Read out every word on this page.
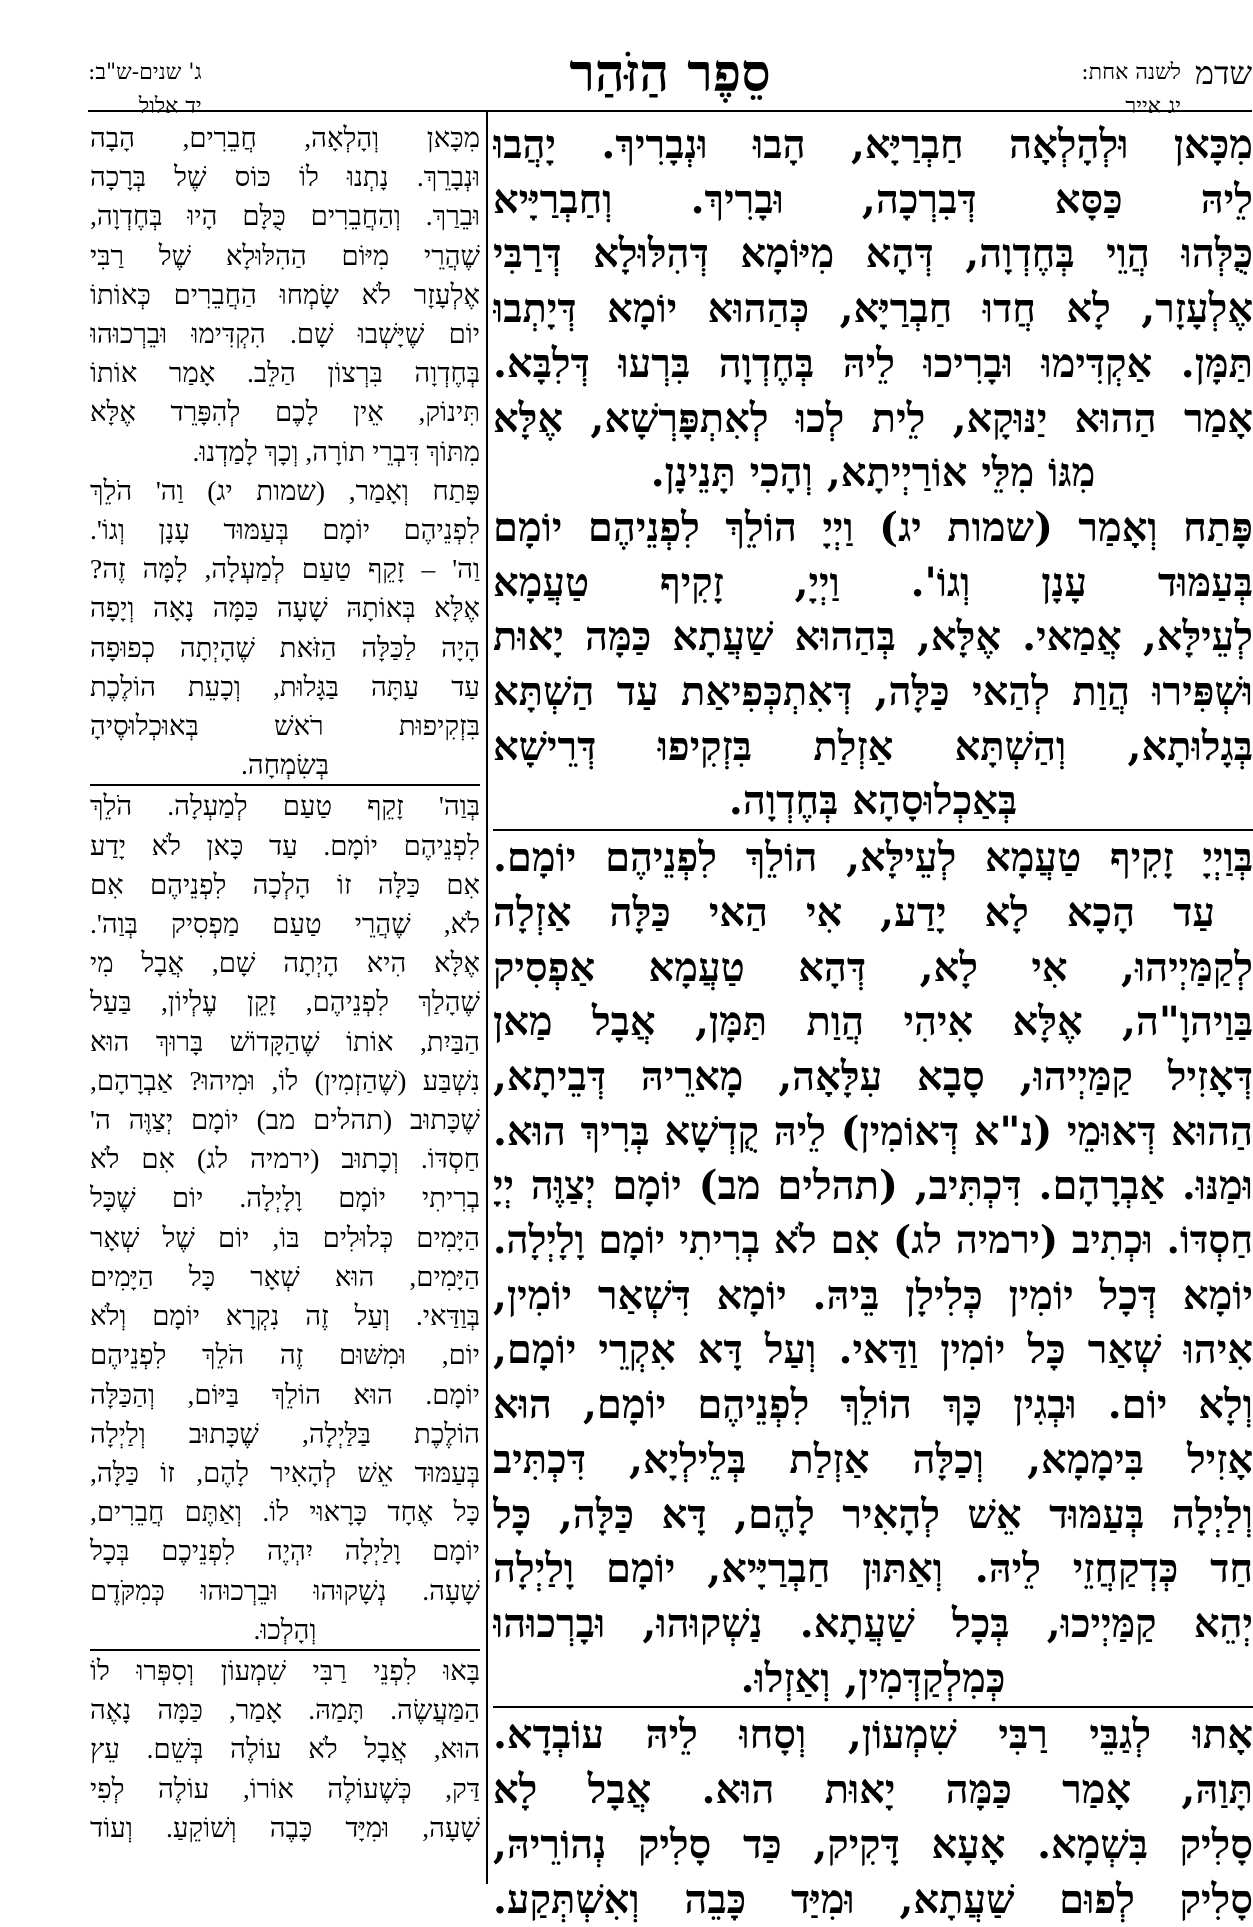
שדמ
לשנה אחת:
יג אייר
סֵפֶר הַזֹּהַר
ג' שנים-ש"ב:
יד אלול
מִכָּאן וּלְהָלְאָה חַבְרַיָּא, הָבוּ וּנְבָרִיךְ. יָהֲבוּ
לֵיהּ כַּסָּא דְּבִרְכָה, וּבָרִיךְ. וְחַבְרַיָּיא
כֻּלְּהוּ הֲוֵי בְּחֶדְוָה, דְּהָא מִיּוֹמָא דְּהִלּוּלָא דְּרַבִּי
אֶלְעָזָר, לָא חֲדוּ חַבְרַיָּא, כְּהַהוּא יוֹמָא דְּיָתְבוּ
תַּמָּן. אַקְדִּימוּ וּבָרִיכוּ לֵיהּ בְּחֶדְוָה בִּרְעוּ דְּלִבָּא.
אָמַר הַהוּא יַנּוּקָא, לֵית לְכוּ לְאִתְפָּרְשָׁא, אֶלָּא
מִגּוֹ מִלֵּי אוֹרַיְיתָא, וְהָכִי תָּנֵינָן.
פָּתַח וְאָמַר (שמות יג) וַיְיָ הוֹלֵךְ לִפְנֵיהֶם יוֹמָם
בְּעַמּוּד עָנָן וְגוֹ'. וַיְיָ, זָקִיף טַעֲמָא
לְעֵילָּא, אֲמַאי. אֶלָּא, בְּהַהוּא שַׁעֲתָא כַּמָּה יָאוּת
וּשְׁפִּירוּ הֲוַת לְהַאי כַּלָּה, דְּאִתְכְּפִיאַת עַד הַשְׁתָּא
בְּגָלוּתָא, וְהַשְׁתָּא אַזְלַת בִּזְקִיפוּ דְּרֵישָׁא
בְּאַכְלוּסָהָא בְּחֶדְוָה.
בְּוַיְיָ זָקִיף טַעֲמָא לְעֵילָּא, הוֹלֵךְ לִפְנֵיהֶם יוֹמָם.
עַד הָכָא לָא יָדַע, אִי הַאי כַּלָּה אַזְלָה
לְקַמַּיְיהוּ, אִי לָא, דְּהָא טַעֲמָא אַפְסִיק
בַּוַיהוָ"ה, אֶלָּא אִיהִי הֲוַת תַּמָּן, אֲבָל מַאן
דְּאָזִיל קַמַּיְיהוּ, סָבָא עִלָּאָה, מָארֵיהּ דְּבֵיתָא,
הַהוּא דְּאוּמֵי (נ"א דְּאוֹמִין) לֵיהּ קֻדְשָׁא בְּרִיךְ הוּא.
וּמַנּוּ. אַבְרָהָם. דִּכְתִּיב, (תהלים מב) יוֹמָם יְצַוֶּה יְיָ
חַסְדּוֹ. וּכְתִיב (ירמיה לג) אִם לֹא בְרִיתִי יוֹמָם וָלָיְלָה.
יוֹמָא דְּכָל יוֹמִין כְּלִילָן בֵּיהּ. יוֹמָא דִּשְׁאַר יוֹמִין,
אִיהוּ שְׁאַר כָּל יוֹמִין וַדַּאי. וְעַל דָּא אִקְרֵי יוֹמָם,
וְלָא יוֹם. וּבְגִין כָּךְ הוֹלֵךְ לִפְנֵיהֶם יוֹמָם, הוּא
אָזִיל בִּימָמָא, וְכַלָּה אַזְלַת בְּלֵילְיָא, דִּכְתִּיב
וְלַיְלָה בְּעַמּוּד אֵשׁ לְהָאִיר לָהֶם, דָּא כַּלָּה, כָּל
חַד כְּדְקַחֲזֵי לֵיהּ. וְאַתּוּן חַבְרַיָּיא, יוֹמָם וָלַיְלָה
יְהֵא קַמַּיְיכוּ, בְּכָל שַׁעֲתָא. נַשְׁקוּהוּ, וּבָרְכוּהוּ
כְּמִלְקַדְּמִין, וְאַזְלוּ.
אָתוּ לְגַבֵּי רַבִּי שִׁמְעוֹן, וְסָחוּ לֵיהּ עוֹבְדָא.
תָּוַהּ, אָמַר כַּמָּה יָאוּת הוּא. אֲבָל לָא
סָלִיק בִּשְׁמָא. אָעָא דָּקִיק, כַּד סָלִיק נְהוֹרֵיהּ,
סָלִיק לְפוּם שַׁעֲתָא, וּמִיַּד כָּבֵה וְאִשְׁתְּקַע.
מִכָּאן וְהָלְאָה, חֲבֵרִים, הָבָה
וּנְבָרֵךְ. נָתְנוּ לוֹ כּוֹס שֶׁל בְּרָכָה
וּבֵרַךְ. וְהַחֲבֵרִים כֻּלָּם הָיוּ בְּחֶדְוָה,
שֶׁהֲרֵי מִיּוֹם הַהִלּוּלָא שֶׁל רַבִּי
אֶלְעָזָר לֹא שָׂמְחוּ הַחֲבֵרִים כְּאוֹתוֹ
יוֹם שֶׁיָּשְׁבוּ שָׁם. הִקְדִּימוּ וּבֵרְכוּהוּ
בְּחֶדְוָה בִּרְצוֹן הַלֵּב. אָמַר אוֹתוֹ
תִּינוֹק, אֵין לָכֶם לְהִפָּרֵד אֶלָּא
מִתּוֹךְ דִּבְרֵי תוֹרָה, וְכָךְ לָמַדְנוּ.
פָּתַח וְאָמַר, (שמות יג) וַה' הֹלֵךְ
לִפְנֵיהֶם יוֹמָם בְּעַמּוּד עָנָן וְגוֹ'.
וַה' – זָקֵף טַעַם לְמַעְלָה, לָמָּה זֶה?
אֶלָּא בְּאוֹתָהּ שָׁעָה כַּמָּה נָאָה וְיָפָה
הָיָה לַכַּלָּה הַזֹּאת שֶׁהָיְתָה כְפוּפָה
עַד עַתָּה בַּגָּלוּת, וְכָעֵת הוֹלֶכֶת
בִּזְקִיפוּת רֹאשׁ בְּאוּכְלוּסֶיהָ
בְּשִׂמְחָה.
בְּוַה' זָקֵף טַעַם לְמַעְלָה. הֹלֵךְ
לִפְנֵיהֶם יוֹמָם. עַד כָּאן לֹא יָדַע
אִם כַּלָּה זוֹ הָלְכָה לִפְנֵיהֶם אִם
לֹא, שֶׁהֲרֵי טַעַם מַפְסִיק בְּוַה'.
אֶלָּא הִיא הָיְתָה שָׁם, אֲבָל מִי
שֶׁהָלַךְ לִפְנֵיהֶם, זָקֵן עֶלְיוֹן, בַּעַל
הַבַּיִת, אוֹתוֹ שֶׁהַקָּדוֹשׁ בָּרוּךְ הוּא
נִשְׁבַּע (שֶׁהַזְמִין) לוֹ, וּמִיהוּ? אַבְרָהָם,
שֶׁכָּתוּב (תהלים מב) יוֹמָם יְצַוֶּה ה'
חַסְדּוֹ. וְכָתוּב (ירמיה לג) אִם לֹא
בְרִיתִי יוֹמָם וָלָיְלָה. יוֹם שֶׁכָּל
הַיָּמִים כְּלוּלִים בּוֹ, יוֹם שֶׁל שְׁאָר
הַיָּמִים, הוּא שְׁאָר כָּל הַיָּמִים
בְּוַדַּאי. וְעַל זֶה נִקְרָא יוֹמָם וְלֹא
יוֹם, וּמִשּׁוּם זֶה הֹלֵךְ לִפְנֵיהֶם
יוֹמָם. הוּא הוֹלֵךְ בַּיּוֹם, וְהַכַּלָּה
הוֹלֶכֶת בַּלַּיְלָה, שֶׁכָּתוּב וְלַיְלָה
בְּעַמּוּד אֵשׁ לְהָאִיר לָהֶם, זוֹ כַּלָּה,
כָּל אֶחָד כָּרָאוּי לוֹ. וְאַתֶּם חֲבֵרִים,
יוֹמָם וָלַיְלָה יִהְיֶה לִפְנֵיכֶם בְּכָל
שָׁעָה. נְשָׁקוּהוּ וּבֵרְכוּהוּ כְּמִקֹּדֶם
וְהָלְכוּ.
בָּאוּ לִפְנֵי רַבִּי שִׁמְעוֹן וְסִפְּרוּ לוֹ
הַמַּעֲשֶׂה. תָּמַהּ. אָמַר, כַּמָּה נָאֶה
הוּא, אֲבָל לֹא עוֹלֶה בְּשֵׁם. עֵץ
דַּק, כְּשֶׁעוֹלֶה אוֹרוֹ, עוֹלֶה לְפִי
שָׁעָה, וּמִיָּד כָּבֶה וְשׁוֹקֵעַ. וְעוֹד
